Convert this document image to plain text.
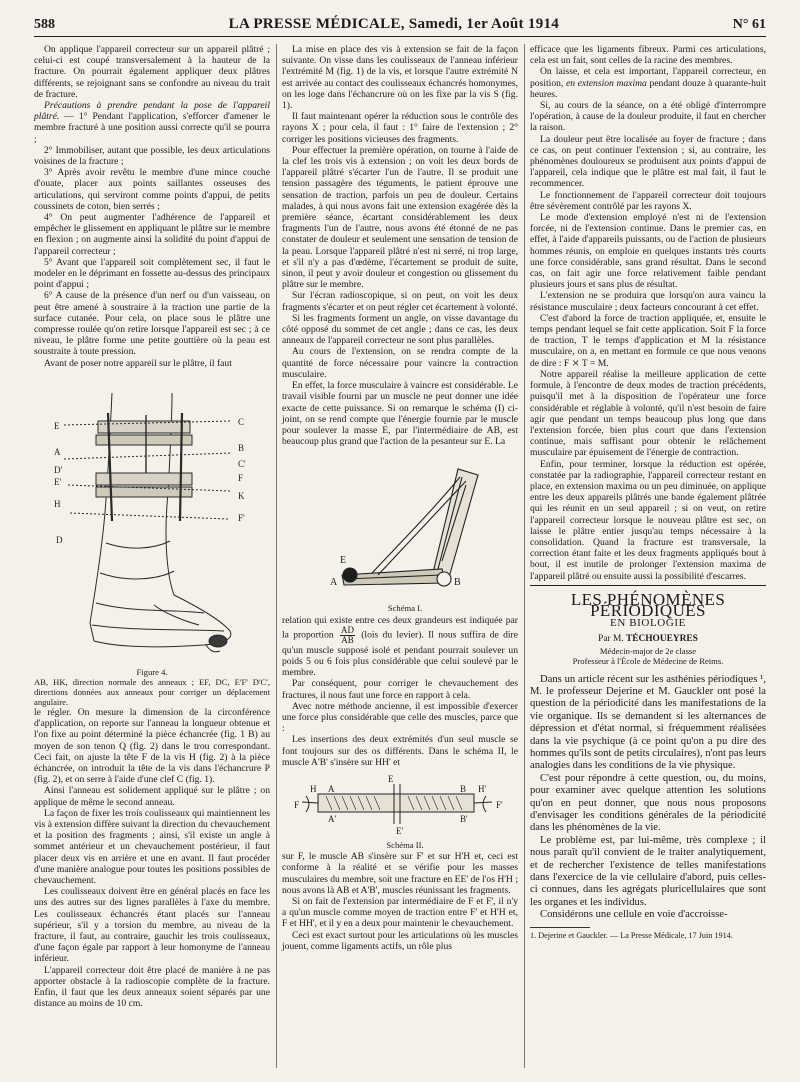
588	LA PRESSE MÉDICALE, Samedi, 1er Août 1914	N° 61

On applique l'appareil correcteur sur un appareil plâtré ; celui-ci est coupé transversalement à la hauteur de la fracture. On pourrait également appliquer deux plâtres différents, se rejoignant sans se confondre au niveau du trait de fracture.

Précautions à prendre pendant la pose de l'appareil plâtré. — 1° Pendant l'application, s'efforcer d'amener le membre fracturé à une position aussi correcte qu'il se pourra ;

2° Immobiliser, autant que possible, les deux articulations voisines de la fracture ;

3° Après avoir revêtu le membre d'une mince couche d'ouate, placer aux points saillantes osseuses des articulations, qui serviront comme points d'appui, de petits coussinets de coton, bien serrés ;

4° On peut augmenter l'adhérence de l'appareil et empêcher le glissement en appliquant le plâtre sur le membre en flexion ; on augmente ainsi la solidité du point d'appui de l'appareil correcteur ;

5° Avant que l'appareil soit complètement sec, il faut le modeler en le déprimant en fossette au-dessus des principaux point d'appui ;

6° A cause de la présence d'un nerf ou d'un vaisseau, on peut être amené à soustraire à la traction une partie de la surface cutanée. Pour cela, on place sous le plâtre une compresse roulée qu'on retire lorsque l'appareil est sec ; à ce niveau, le plâtre forme une petite gouttière où la peau est soustraite à toute pression.

Avant de poser notre appareil sur le plâtre, il faut

E
A
D'
E'
H
D
C
B
C'
F
K
F'

Figure 4.

AB, HK, direction normale des anneaux ; EF, DC, E'F' D'C', directions données aux anneaux pour corriger un déplacement angulaire.

le régler. On mesure la dimension de la circonférence d'application, on reporte sur l'anneau la longueur obtenue et l'on fixe au point déterminé la pièce échancrée (fig. 1 B) au moyen de son tenon Q (fig. 2) dans le trou correspondant. Ceci fait, on ajuste la tête F de la vis H (fig. 2) à la pièce échancrée, on introduit la tête de la vis dans l'échancrure P (fig. 2), et on serre à l'aide d'une clef C (fig. 1).

Ainsi l'anneau est solidement appliqué sur le plâtre ; on applique de même le second anneau.

La façon de fixer les trois coulisseaux qui maintiennent les vis à extension diffère suivant la direction du chevauchement et la position des fragments ; ainsi, s'il existe un angle à sommet antérieur et un chevauchement postérieur, il faut placer deux vis en arrière et une en avant. Il faut procéder d'une manière analogue pour toutes les positions possibles de chevauchement.

Les coulisseaux doivent être en général placés en face les uns des autres sur des lignes parallèles à l'axe du membre. Les coulisseaux échancrés étant placés sur l'anneau supérieur, s'il y a torsion du membre, au niveau de la fracture, il faut, au contraire, gauchir les trois coulisseaux, d'une façon égale par rapport à leur homonyme de l'anneau inférieur.

L'appareil correcteur doit être placé de manière à ne pas apporter obstacle à la radioscopie complète de la fracture. Enfin, il faut que les deux anneaux soient séparés par une distance au moins de 10 cm.

La mise en place des vis à extension se fait de la façon suivante. On visse dans les coulisseaux de l'anneau inférieur l'extrémité M (fig. 1) de la vis, et lorsque l'autre extrémité N est arrivée au contact des coulisseaux échancrés homonymes, on les loge dans l'échancrure où on les fixe par la vis S (fig. 1).

Il faut maintenant opérer la réduction sous le contrôle des rayons X ; pour cela, il faut : 1° faire de l'extension ; 2° corriger les positions vicieuses des fragments.

Pour effectuer la première opération, on tourne à l'aide de la clef les trois vis à extension ; on voit les deux bords de l'appareil plâtré s'écarter l'un de l'autre. Il se produit une tension passagère des téguments, le patient éprouve une sensation de traction, parfois un peu de douleur. Certains malades, à qui nous avons fait une extension exagérée dès la première séance, écartant considérablement les deux fragments l'un de l'autre, nous avons été étonné de ne pas constater de douleur et seulement une sensation de tension de la peau. Lorsque l'appareil plâtré n'est ni serré, ni trop large, et s'il n'y a pas d'œdème, l'écartement se produit de suite, sinon, il peut y avoir douleur et congestion ou glissement du plâtre sur le membre.

Sur l'écran radioscopique, si on peut, on voit les deux fragments s'écarter et on peut régler cet écartement à volonté.

Si les fragments forment un angle, on visse davantage du côté opposé du sommet de cet angle ; dans ce cas, les deux anneaux de l'appareil correcteur ne sont plus parallèles.

Au cours de l'extension, on se rendra compte de la quantité de force nécessaire pour vaincre la contraction musculaire.

En effet, la force musculaire à vaincre est considérable. Le travail visible fourni par un muscle ne peut donner une idée exacte de cette puissance. Si on remarque le schéma (I) ci-joint, on se rend compte que l'énergie fournie par le muscle pour soulever la masse E, par l'intermédiaire de AB, est beaucoup plus grand que l'action de la pesanteur sur E. La

E
A	B

Schéma I.

relation qui existe entre ces deux grandeurs est indiquée par la proportion $\frac{AD}{AB}$ (lois du levier). Il nous suffira de dire qu'un muscle supposé isolé et pendant pourrait soulever un poids 5 ou 6 fois plus considérable que celui soulevé par le membre.

Par conséquent, pour corriger le chevauchement des fractures, il nous faut une force en rapport à cela.

Avec notre méthode ancienne, il est impossible d'exercer une force plus considérable que celle des muscles, parce que :

Les insertions des deux extrémités d'un seul muscle se font toujours sur des os différents. Dans le schéma II, le muscle A'B' s'insère sur HH' et

E
A	B
H	H'
F	F'
E'
A'	B'

Schéma II.

sur F, le muscle AB s'insère sur F' et sur H'H et, ceci est conforme à la réalité et se vérifie pour les masses musculaires du membre, soit une fracture en EE' de l'os H'H ; nous avons là AB et A'B', muscles réunissant les fragments.

Si on fait de l'extension par intermédiaire de F et F', il n'y a qu'un muscle comme moyen de traction entre F' et H'H et, F et HH', et il y en a deux pour maintenir le chevauchement.

Ceci est exact surtout pour les articulations où les muscles jouent, comme ligaments actifs, un rôle plus

efficace que les ligaments fibreux. Parmi ces articulations, cela est un fait, sont celles de la racine des membres.

On laisse, et cela est important, l'appareil correcteur, en position, en extension maxima pendant douze à quarante-huit heures.

Si, au cours de la séance, on a été obligé d'interrompre l'opération, à cause de la douleur produite, il faut en chercher la raison.

La douleur peut être localisée au foyer de fracture ; dans ce cas, on peut continuer l'extension ; si, au contraire, les phénomènes douloureux se produisent aux points d'appui de l'appareil, cela indique que le plâtre est mal fait, il faut le recommencer.

Le fonctionnement de l'appareil correcteur doit toujours être sévèrement contrôlé par les rayons X.

Le mode d'extension employé n'est ni de l'extension forcée, ni de l'extension continue. Dans le premier cas, en effet, à l'aide d'appareils puissants, ou de l'action de plusieurs hommes réunis, on emploie en quelques instants très courts une force considérable, sans grand résultat. Dans le second cas, on fait agir une force relativement faible pendant plusieurs jours et sans plus de résultat.

L'extension ne se produira que lorsqu'on aura vaincu la résistance musculaire ; deux facteurs concourant à cet effet.

C'est d'abord la force de traction appliquée, et, ensuite le temps pendant lequel se fait cette application. Soit F la force de traction, T le temps d'application et M la résistance musculaire, on a, en mettant en formule ce que nous venons de dire : F ⨯ T = M.

Notre appareil réalise la meilleure application de cette formule, à l'encontre de deux modes de traction précédents, puisqu'il met à la disposition de l'opérateur une force considérable et réglable à volonté, qu'il n'est besoin de faire agir que pendant un temps beaucoup plus long que dans l'extension forcée, bien plus court que dans l'extension continue, mais suffisant pour obtenir le relâchement musculaire par épuisement de l'énergie de contraction.

Enfin, pour terminer, lorsque la réduction est opérée, constatée par la radiographie, l'appareil correcteur restant en place, en extension maxima ou un peu diminuée, on applique entre les deux appareils plâtrés une bande également plâtrée qui les réunit en un seul appareil ; si on veut, on retire l'appareil correcteur lorsque le nouveau plâtre est sec, on laisse le plâtre entier jusqu'au temps nécessaire à la consolidation. Quand la fracture est transversale, la correction étant faite et les deux fragments appliqués bout à bout, il est inutile de prolonger l'extension maxima de l'appareil plâtré ou ensuite aussi la possibilité d'escarres.

LES PHÉNOMÈNES PÉRIODIQUES
EN BIOLOGIE
Par M. TÉCHOUEYRES
Médecin-major de 2e classe
Professeur à l'École de Médecine de Reims.

Dans un article récent sur les asthénies périodiques ¹, M. le professeur Dejerine et M. Gauckler ont posé la question de la périodicité dans les manifestations de la vie organique. Ils se demandent si les alternances de dépression et d'état normal, si fréquemment réalisées dans la vie psychique (à ce point qu'on a pu dire des hommes qu'ils sont de petits circulaires), n'ont pas leurs analogies dans les conditions de la vie physique.

C'est pour répondre à cette question, ou, du moins, pour examiner avec quelque attention les solutions qu'on en peut donner, que nous nous proposons d'envisager les conditions générales de la périodicité dans les phénomènes de la vie.

Le problème est, par lui-même, très complexe ; il nous paraît qu'il convient de le traiter analytiquement, et de rechercher l'existence de telles manifestations dans l'exercice de la vie cellulaire d'abord, puis celles-ci connues, dans les agrégats pluricellulaires que sont les organes et les individus.

Considérons une cellule en voie d'accroisse-

1. Dejerine et Gauckler. — La Presse Médicale, 17 Juin 1914.
